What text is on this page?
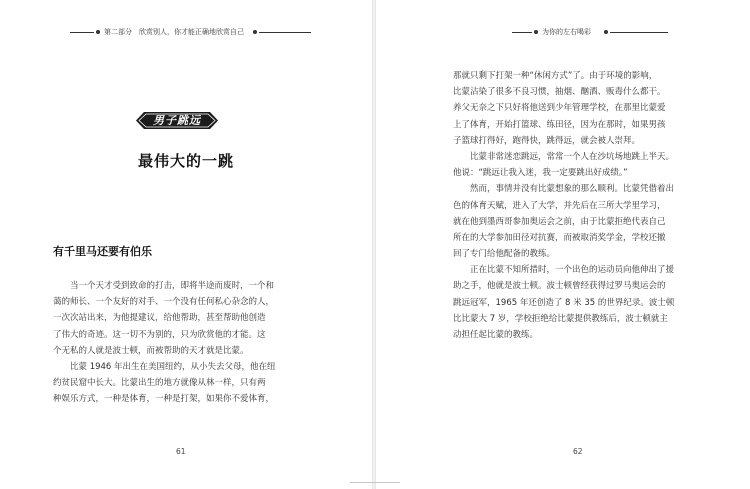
第二部分　欣赏别人，你才能正确地欣赏自己
男子跳远
最伟大的一跳
有千里马还要有伯乐
当一个天才受到致命的打击，即将半途而废时，一个和
蔼的师长、一个友好的对手、一个没有任何私心杂念的人，
一次次站出来，为他提建议，给他帮助，甚至帮助他创造
了伟大的奇迹。这一切不为别的，只为欣赏他的才能。这
个无私的人就是波士顿，而被帮助的天才就是比蒙。
比蒙 1946 年出生在美国纽约，从小失去父母，他在纽
约贫民窟中长大。比蒙出生的地方就像从林一样，只有两
种娱乐方式，一种是体育，一种是打架，如果你不爱体育，
61
为你的左右喝彩
那就只剩下打架一种“休闲方式”了。由于环境的影响，
比蒙沾染了很多不良习惯，抽烟、酗酒、贩毒什么都干。
养父无奈之下只好将他送到少年管理学校，在那里比蒙爱
上了体育，开始打篮球、练田径，因为在那时，如果男孩
子篮球打得好，跑得快，跳得远，就会被人崇拜。
比蒙非常迷恋跳远，常常一个人在沙坑场地跳上半天。
他说：“跳远让我入迷，我一定要跳出好成绩。”
然而，事情并没有比蒙想象的那么顺利。比蒙凭借着出
色的体育天赋，进入了大学，并先后在三所大学里学习，
就在他到墨西哥参加奥运会之前，由于比蒙拒绝代表自己
所在的大学参加田径对抗赛，而被取消奖学金，学校还撤
回了专门给他配备的教练。
正在比蒙不知所措时，一个出色的运动员向他伸出了援
助之手，他就是波士顿。波士顿曾经获得过罗马奥运会的
跳远冠军，1965 年还创造了 8 米 35 的世界纪录。波士顿
比比蒙大 7 岁，学校拒绝给比蒙提供教练后，波士顿就主
动担任起比蒙的教练。
62
